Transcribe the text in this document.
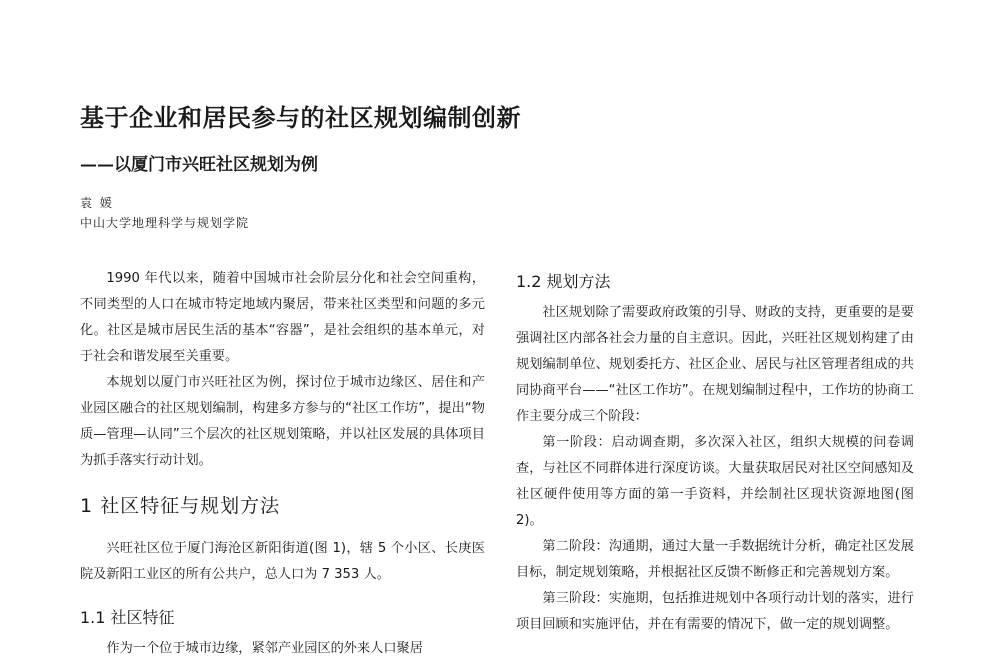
基于企业和居民参与的社区规划编制创新
——以厦门市兴旺社区规划为例
袁 媛
中山大学地理科学与规划学院

1990 年代以来，随着中国城市社会阶层分化和社会空间重构，不同类型的人口在城市特定地域内聚居，带来社区类型和问题的多元化。社区是城市居民生活的基本“容器”，是社会组织的基本单元，对于社会和谐发展至关重要。

本规划以厦门市兴旺社区为例，探讨位于城市边缘区、居住和产业园区融合的社区规划编制，构建多方参与的“社区工作坊”，提出“物质—管理—认同”三个层次的社区规划策略，并以社区发展的具体项目为抓手落实行动计划。

1 社区特征与规划方法

兴旺社区位于厦门海沧区新阳街道(图 1)，辖 5 个小区、长庚医院及新阳工业区的所有公共户，总人口为 7 353 人。

1.1 社区特征

作为一个位于城市边缘，紧邻产业园区的外来人口聚居

1.2 规划方法

社区规划除了需要政府政策的引导、财政的支持，更重要的是要强调社区内部各社会力量的自主意识。因此，兴旺社区规划构建了由规划编制单位、规划委托方、社区企业、居民与社区管理者组成的共同协商平台——“社区工作坊”。在规划编制过程中，工作坊的协商工作主要分成三个阶段：

第一阶段：启动调查期，多次深入社区，组织大规模的问卷调查，与社区不同群体进行深度访谈。大量获取居民对社区空间感知及社区硬件使用等方面的第一手资料，并绘制社区现状资源地图(图 2)。

第二阶段：沟通期，通过大量一手数据统计分析，确定社区发展目标，制定规划策略，并根据社区反馈不断修正和完善规划方案。

第三阶段：实施期，包括推进规划中各项行动计划的落实，进行项目回顾和实施评估，并在有需要的情况下，做一定的规划调整。
